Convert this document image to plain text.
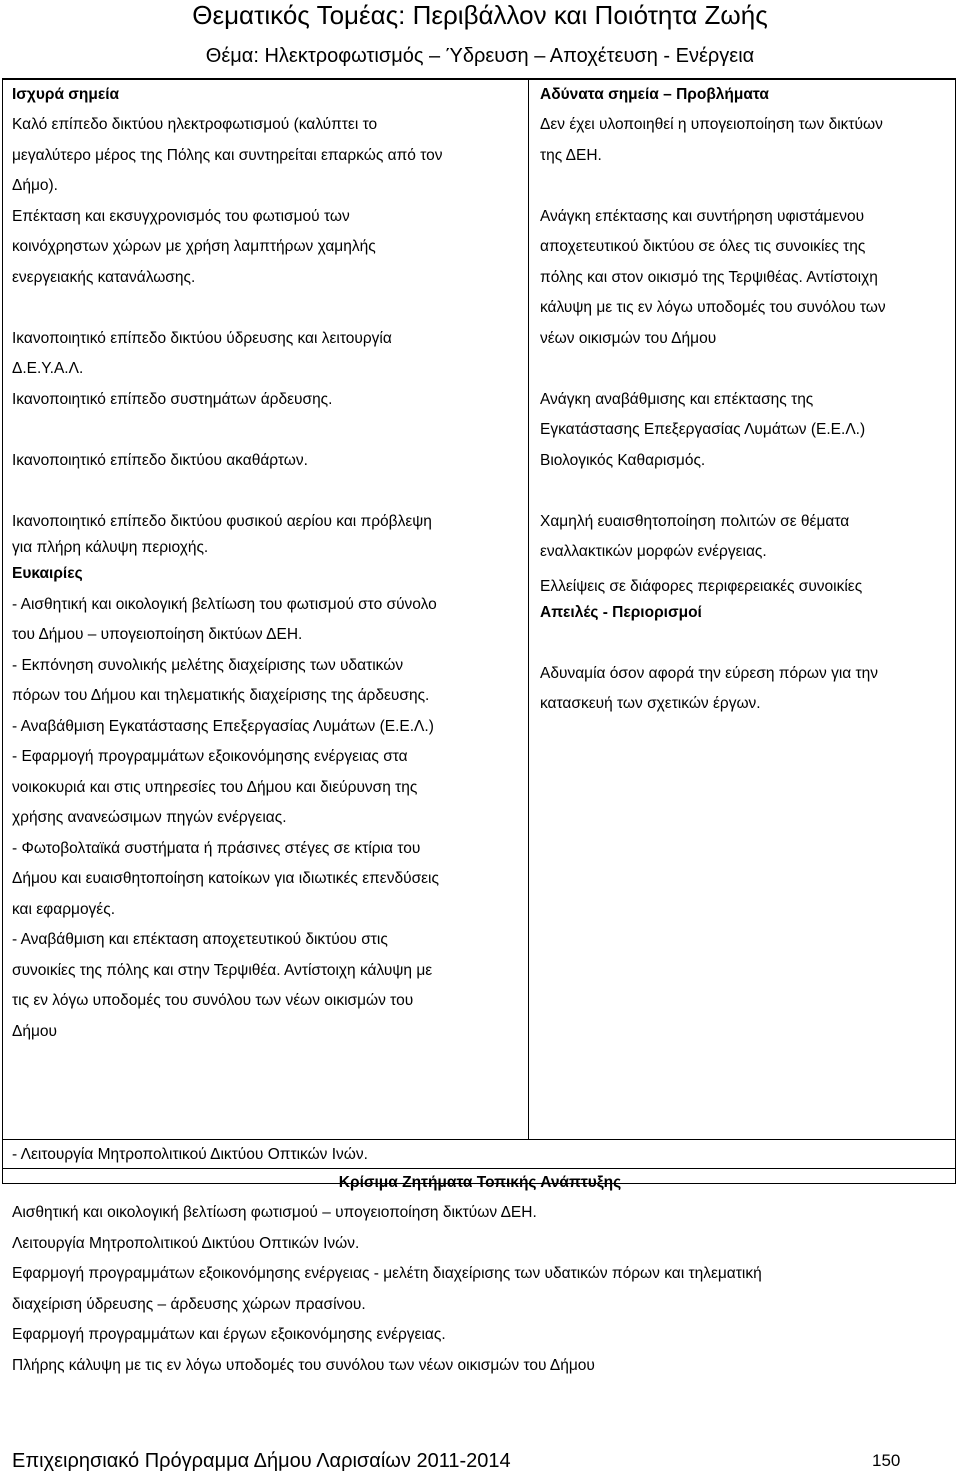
Θεματικός Τομέας: Περιβάλλον και Ποιότητα Ζωής
Θέμα: Ηλεκτροφωτισμός – Ύδρευση – Αποχέτευση - Ενέργεια

Ισχυρά σημεία

Καλό επίπεδο δικτύου ηλεκτροφωτισμού (καλύπτει το

μεγαλύτερο μέρος της Πόλης και συντηρείται επαρκώς από τον

Δήμο).

Επέκταση και εκσυγχρονισμός του φωτισμού των

κοινόχρηστων χώρων με χρήση λαμπτήρων χαμηλής

ενεργειακής κατανάλωσης.

Ικανοποιητικό επίπεδο δικτύου ύδρευσης και λειτουργία

Δ.Ε.Υ.Α.Λ.

Ικανοποιητικό επίπεδο συστημάτων άρδευσης.

Ικανοποιητικό επίπεδο δικτύου ακαθάρτων.

Ικανοποιητικό επίπεδο δικτύου φυσικού αερίου και πρόβλεψη

για πλήρη κάλυψη περιοχής.

Ευκαιρίες

- Αισθητική και οικολογική βελτίωση του φωτισμού στο σύνολο

του Δήμου – υπογειοποίηση δικτύων ΔΕΗ.

- Εκπόνηση συνολικής μελέτης διαχείρισης των υδατικών

πόρων του Δήμου και τηλεματικής διαχείρισης της άρδευσης.

- Αναβάθμιση Εγκατάστασης Επεξεργασίας Λυμάτων (Ε.Ε.Λ.)

- Εφαρμογή προγραμμάτων εξοικονόμησης ενέργειας στα

νοικοκυριά και στις υπηρεσίες του Δήμου και διεύρυνση της

χρήσης ανανεώσιμων πηγών ενέργειας.

- Φωτοβολταϊκά συστήματα ή πράσινες στέγες σε κτίρια του

Δήμου και ευαισθητοποίηση κατοίκων για ιδιωτικές επενδύσεις

και εφαρμογές.

- Αναβάθμιση και επέκταση αποχετευτικού δικτύου στις

συνοικίες της πόλης και στην Τερψιθέα. Αντίστοιχη κάλυψη με

τις εν λόγω υποδομές του συνόλου των νέων οικισμών του

Δήμου

- Λειτουργία Μητροπολιτικού Δικτύου Οπτικών Ινών.

Αδύνατα σημεία – Προβλήματα

Δεν έχει υλοποιηθεί η υπογειοποίηση των δικτύων

της ΔΕΗ.

Ανάγκη επέκτασης και συντήρηση υφιστάμενου

αποχετευτικού δικτύου σε όλες τις συνοικίες της

πόλης και στον οικισμό της Τερψιθέας. Αντίστοιχη

κάλυψη με τις εν λόγω υποδομές του συνόλου των

νέων οικισμών του Δήμου

Ανάγκη αναβάθμισης και επέκτασης της

Εγκατάστασης Επεξεργασίας Λυμάτων (Ε.Ε.Λ.)

Βιολογικός Καθαρισμός.

Χαμηλή ευαισθητοποίηση πολιτών σε θέματα

εναλλακτικών μορφών ενέργειας.

Ελλείψεις σε διάφορες περιφερειακές συνοικίες

Απειλές - Περιορισμοί

Αδυναμία όσον αφορά την εύρεση πόρων για την

κατασκευή των σχετικών έργων.

Κρίσιμα Ζητήματα Τοπικής Ανάπτυξης

Αισθητική και οικολογική βελτίωση φωτισμού – υπογειοποίηση δικτύων ΔΕΗ.

Λειτουργία Μητροπολιτικού Δικτύου Οπτικών Ινών.

Εφαρμογή προγραμμάτων εξοικονόμησης ενέργειας - μελέτη διαχείρισης των υδατικών πόρων και τηλεματική

διαχείριση ύδρευσης – άρδευσης χώρων πρασίνου.

Εφαρμογή προγραμμάτων και έργων εξοικονόμησης ενέργειας.

Πλήρης κάλυψη με τις εν λόγω υποδομές του συνόλου των νέων οικισμών του Δήμου

Επιχειρησιακό Πρόγραμμα Δήμου Λαρισαίων 2011-2014	150
